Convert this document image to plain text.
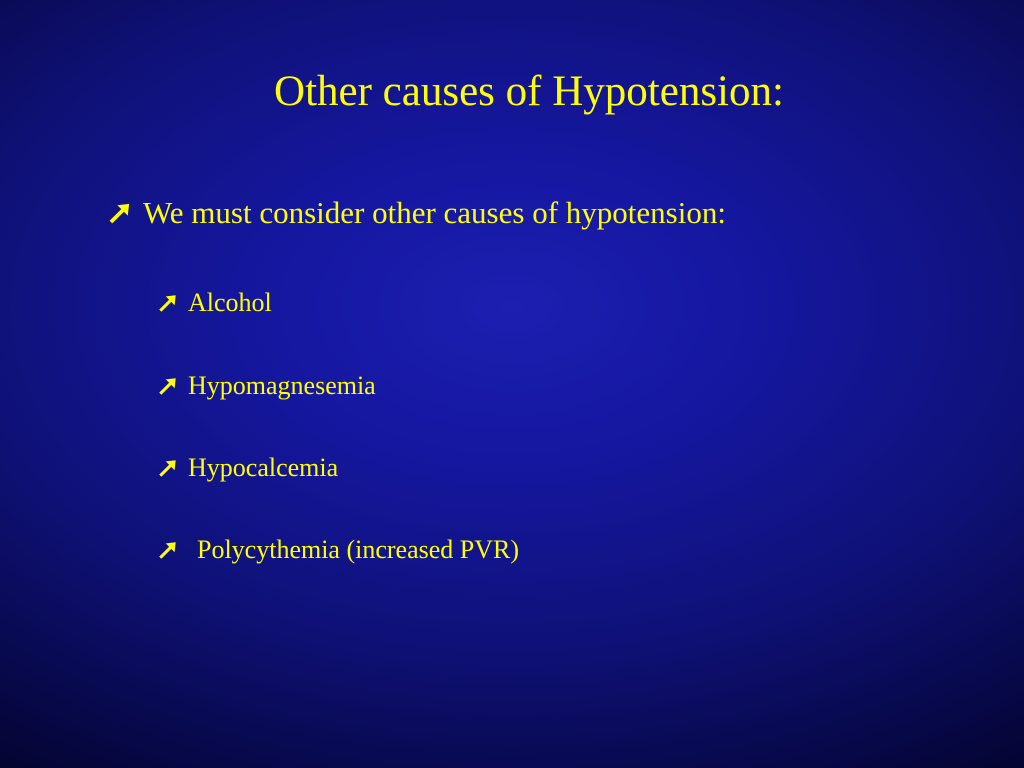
Other causes of Hypotension:
We must consider other causes of hypotension:
Alcohol
Hypomagnesemia
Hypocalcemia
Polycythemia (increased PVR)
